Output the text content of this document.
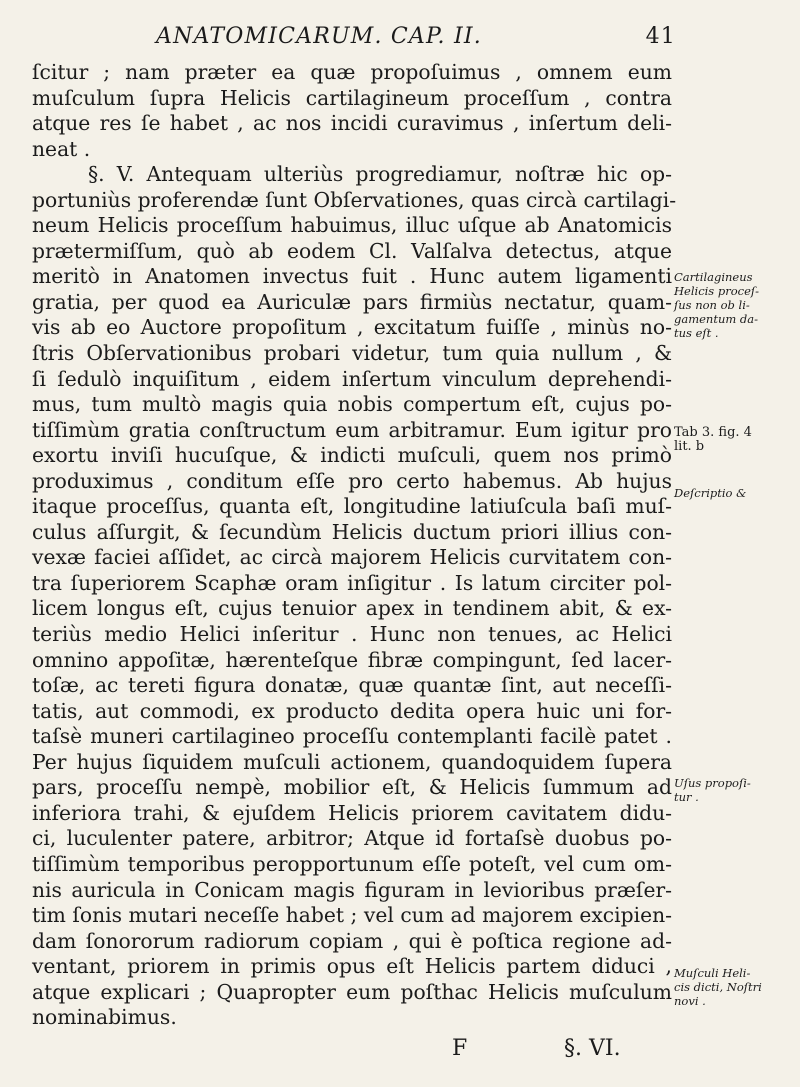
ANATOMICARUM. CAP. II.	41
ſcitur ; nam præter ea quæ propoſuimus , omnem eum
muſculum ſupra Helicis cartilagineum proceſſum , contra
atque res ſe habet , ac nos incidi curavimus , inſertum deli-
neat .
§. V. Antequam ulteriùs progrediamur, noſtræ hic op-
portuniùs proferendæ ſunt Obſervationes, quas circà cartilagi-
neum Helicis proceſſum habuimus, illuc uſque ab Anatomicis
prætermiſſum, quò ab eodem Cl. Valſalva detectus, atque
meritò in Anatomen invectus fuit . Hunc autem ligamenti
gratia, per quod ea Auriculæ pars firmiùs nectatur, quam-
vis ab eo Auctore propoſitum , excitatum fuiſſe , minùs no-
ſtris Obſervationibus probari videtur, tum quia nullum , &
ſi ſedulò inquiſitum , eidem inſertum vinculum deprehendi-
mus, tum multò magis quia nobis compertum eſt, cujus po-
tiſſimùm gratia conſtructum eum arbitramur. Eum igitur pro
exortu inviſi hucuſque, & indicti muſculi, quem nos primò
produximus , conditum eſſe pro certo habemus. Ab hujus
itaque proceſſus, quanta eſt, longitudine latiuſcula baſi muſ-
culus aſſurgit, & ſecundùm Helicis ductum priori illius con-
vexæ faciei aſſidet, ac circà majorem Helicis curvitatem con-
tra ſuperiorem Scaphæ oram inſigitur . Is latum circiter pol-
licem longus eſt, cujus tenuior apex in tendinem abit, & ex-
teriùs medio Helici inſeritur . Hunc non tenues, ac Helici
omnino appoſitæ, hærenteſque fibræ compingunt, ſed lacer-
toſæ, ac tereti figura donatæ, quæ quantæ ſint, aut neceſſi-
tatis, aut commodi, ex producto dedita opera huic uni for-
taſsè muneri cartilagineo proceſſu contemplanti facilè patet .
Per hujus ſiquidem muſculi actionem, quandoquidem ſupera
pars, proceſſu nempè, mobilior eſt, & Helicis ſummum ad
inferiora trahi, & ejuſdem Helicis priorem cavitatem didu-
ci, luculenter patere, arbitror; Atque id fortaſsè duobus po-
tiſſimùm temporibus peropportunum eſſe poteſt, vel cum om-
nis auricula in Conicam magis figuram in levioribus præſer-
tim ſonis mutari neceſſe habet ; vel cum ad majorem excipien-
dam ſonororum radiorum copiam , qui è poſtica regione ad-
ventant, priorem in primis opus eſt Helicis partem diduci ,
atque explicari ; Quapropter eum poſthac Helicis muſculum
nominabimus.
Cartilagineus
Helicis proceſ-
ſus non ob li-
gamentum da-
tus eſt .
Tab 3. fig. 4
lit. b
Deſcriptio &
Uſus propoſi-
tur .
Muſculi Heli-
cis dicti, Noſtri
novi .
F	§. VI.
